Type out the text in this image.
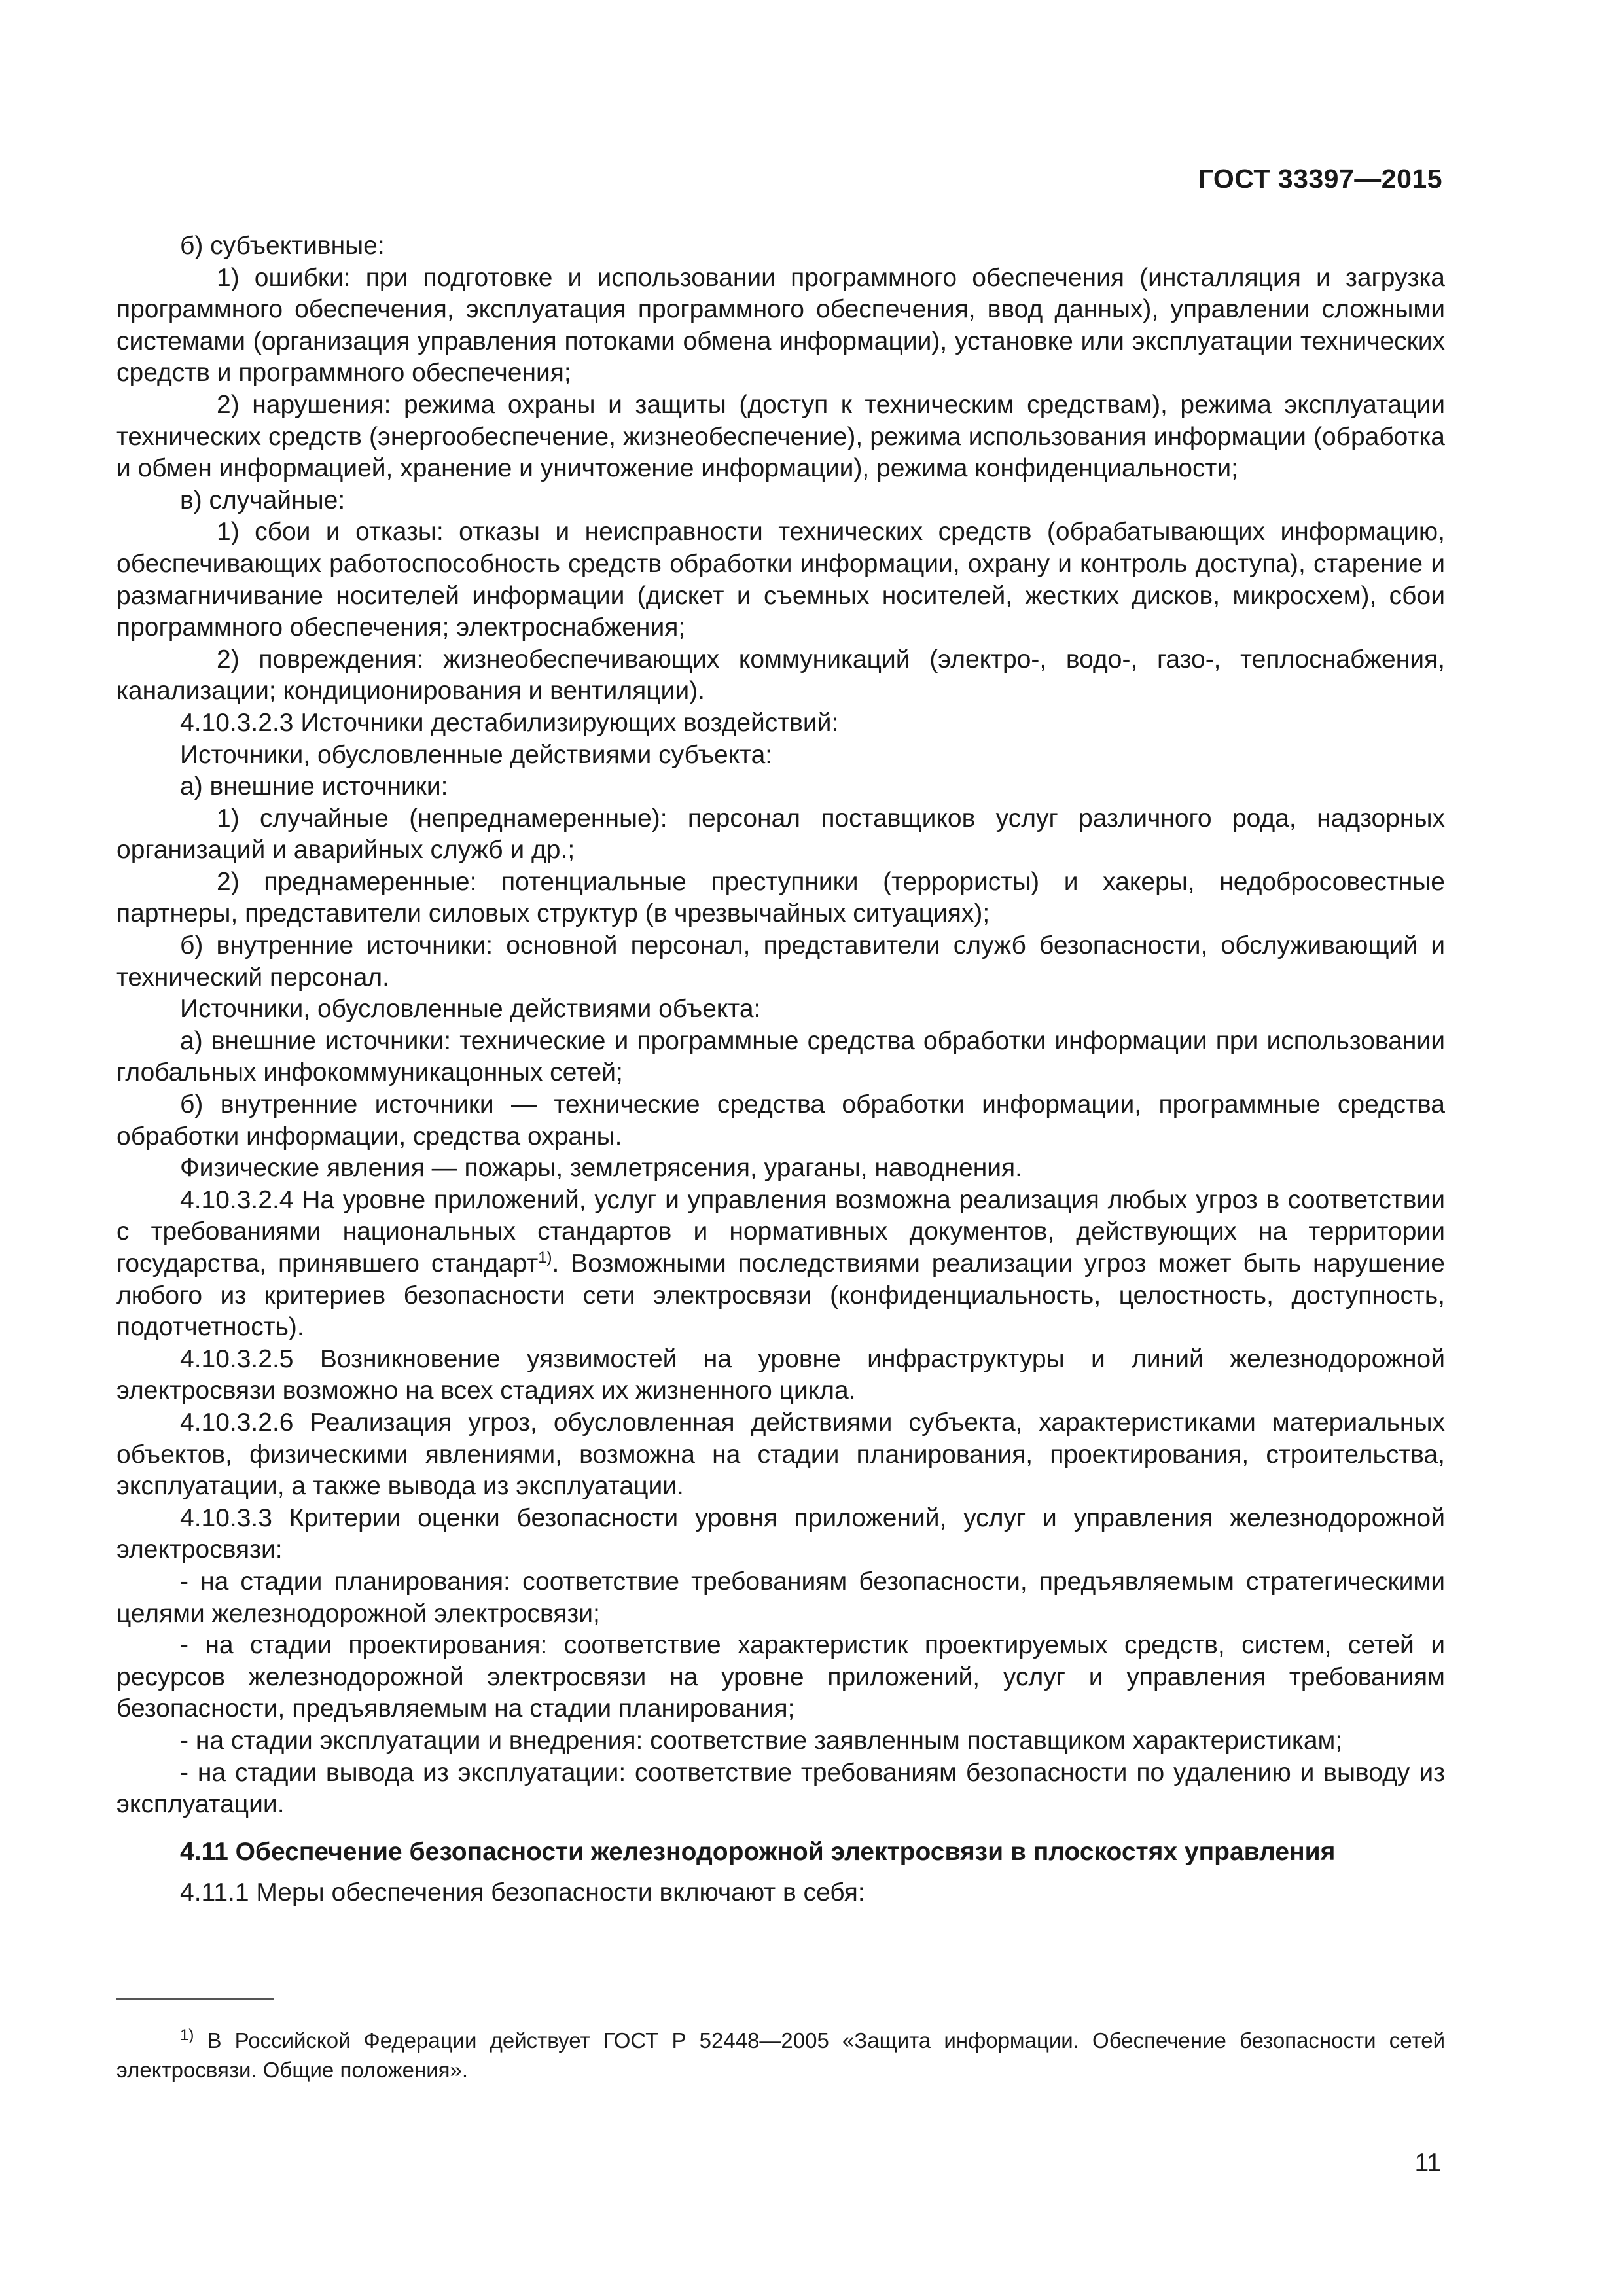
ГОСТ 33397—2015

б) субъективные:

1) ошибки: при подготовке и использовании программного обеспечения (инсталляция и загрузка программного обеспечения, эксплуатация программного обеспечения, ввод данных), управлении сложными системами (организация управления потоками обмена информации), установке или эксплуатации технических средств и программного обеспечения;

2) нарушения: режима охраны и защиты (доступ к техническим средствам), режима эксплуатации технических средств (энергообеспечение, жизнеобеспечение), режима использования информации (обработка и обмен информацией, хранение и уничтожение информации), режима конфиденциальности;

в) случайные:

1) сбои и отказы: отказы и неисправности технических средств (обрабатывающих информацию, обеспечивающих работоспособность средств обработки информации, охрану и контроль доступа), старение и размагничивание носителей информации (дискет и съемных носителей, жестких дисков, микросхем), сбои программного обеспечения; электроснабжения;

2) повреждения: жизнеобеспечивающих коммуникаций (электро-, водо-, газо-, теплоснабжения, канализации; кондиционирования и вентиляции).

4.10.3.2.3 Источники дестабилизирующих воздействий:

Источники, обусловленные действиями субъекта:

а) внешние источники:

1) случайные (непреднамеренные): персонал поставщиков услуг различного рода, надзорных организаций и аварийных служб и др.;

2) преднамеренные: потенциальные преступники (террористы) и хакеры, недобросовестные партнеры, представители силовых структур (в чрезвычайных ситуациях);

б) внутренние источники: основной персонал, представители служб безопасности, обслуживающий и технический персонал.

Источники, обусловленные действиями объекта:

а) внешние источники: технические и программные средства обработки информации при использовании глобальных инфокоммуникацонных сетей;

б) внутренние источники — технические средства обработки информации, программные средства обработки информации, средства охраны.

Физические явления — пожары, землетрясения, ураганы, наводнения.

4.10.3.2.4 На уровне приложений, услуг и управления возможна реализация любых угроз в соответствии с требованиями национальных стандартов и нормативных документов, действующих на территории государства, принявшего стандарт$^{1)}$. Возможными последствиями реализации угроз может быть нарушение любого из критериев безопасности сети электросвязи (конфиденциальность, целостность, доступность, подотчетность).

4.10.3.2.5 Возникновение уязвимостей на уровне инфраструктуры и линий железнодорожной электросвязи возможно на всех стадиях их жизненного цикла.

4.10.3.2.6 Реализация угроз, обусловленная действиями субъекта, характеристиками материальных объектов, физическими явлениями, возможна на стадии планирования, проектирования, строительства, эксплуатации, а также вывода из эксплуатации.

4.10.3.3 Критерии оценки безопасности уровня приложений, услуг и управления железнодорожной электросвязи:

- на стадии планирования: соответствие требованиям безопасности, предъявляемым стратегическими целями железнодорожной электросвязи;

- на стадии проектирования: соответствие характеристик проектируемых средств, систем, сетей и ресурсов железнодорожной электросвязи на уровне приложений, услуг и управления требованиям безопасности, предъявляемым на стадии планирования;

- на стадии эксплуатации и внедрения: соответствие заявленным поставщиком характеристикам;

- на стадии вывода из эксплуатации: соответствие требованиям безопасности по удалению и выводу из эксплуатации.

4.11 Обеспечение безопасности железнодорожной электросвязи в плоскостях управления

4.11.1 Меры обеспечения безопасности включают в себя:

$^{1)}$ В Российской Федерации действует ГОСТ Р 52448—2005 «Защита информации. Обеспечение безопасности сетей электросвязи. Общие положения».

11
